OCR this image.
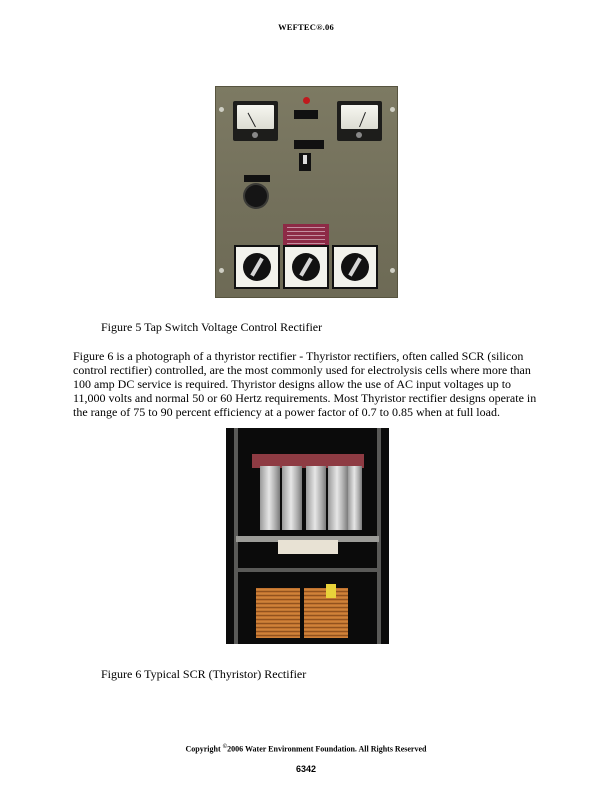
WEFTEC®.06
Figure 5 Tap Switch Voltage Control Rectifier
Figure 6 is a photograph of a thyristor rectifier - Thyristor rectifiers, often called SCR (silicon
control rectifier) controlled, are the most commonly used for electrolysis cells where more than
100 amp DC service is required. Thyristor designs allow the use of AC input voltages up to
11,000 volts and normal 50 or 60 Hertz requirements. Most Thyristor rectifier designs operate in
the range of 75 to 90 percent efficiency at a power factor of 0.7 to 0.85 when at full load.
Figure 6 Typical SCR (Thyristor) Rectifier
Copyright ©2006 Water Environment Foundation. All Rights Reserved
6342
